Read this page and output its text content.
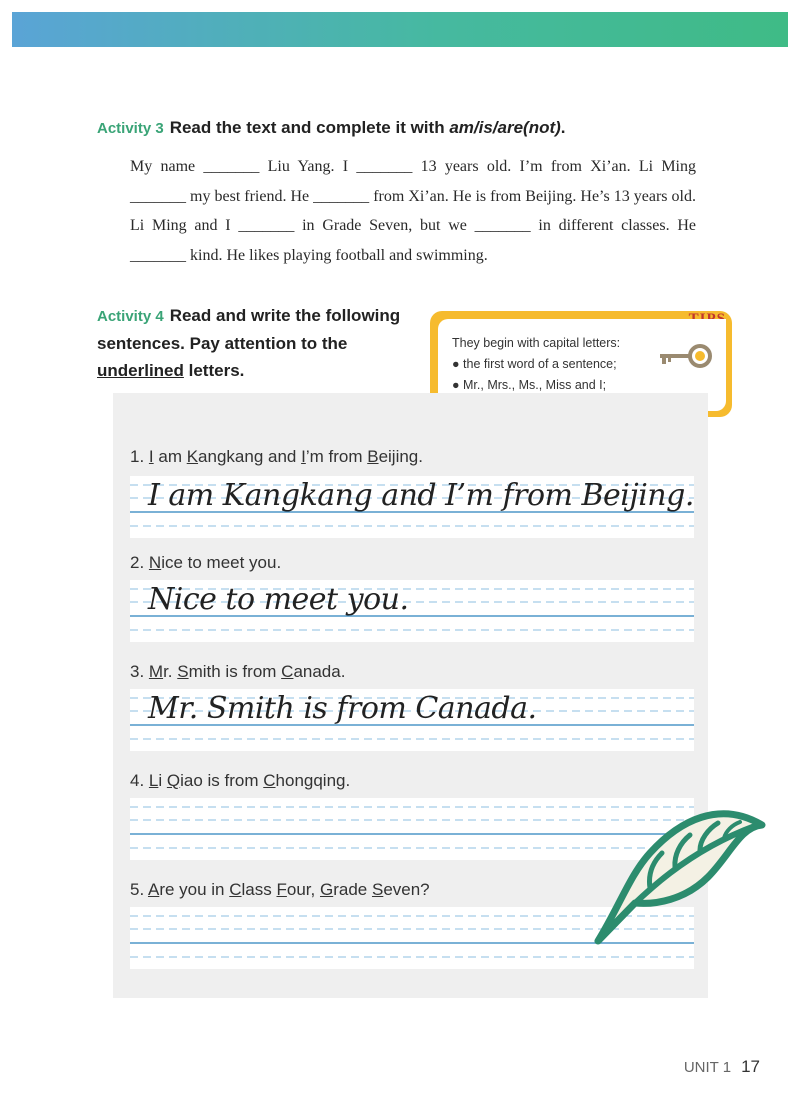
Activity 3 Read the text and complete it with am/is/are(not).
My name _______ Liu Yang. I _______ 13 years old. I’m from Xi’an. Li Ming _______ my best friend. He _______ from Xi’an. He is from Beijing. He’s 13 years old. Li Ming and I _______ in Grade Seven, but we _______ in different classes. He _______ kind. He likes playing football and swimming.
Activity 4 Read and write the following sentences. Pay attention to the underlined letters.
They begin with capital letters:
● the first word of a sentence;
● Mr., Mrs., Ms., Miss and I;
1. I am Kangkang and I’m from Beijing.
I am Kangkang and I’m from Beijing.
2. Nice to meet you.
Nice to meet you.
3. Mr. Smith is from Canada.
Mr. Smith is from Canada.
4. Li Qiao is from Chongqing.
5. Are you in Class Four, Grade Seven?
UNIT 1 17
